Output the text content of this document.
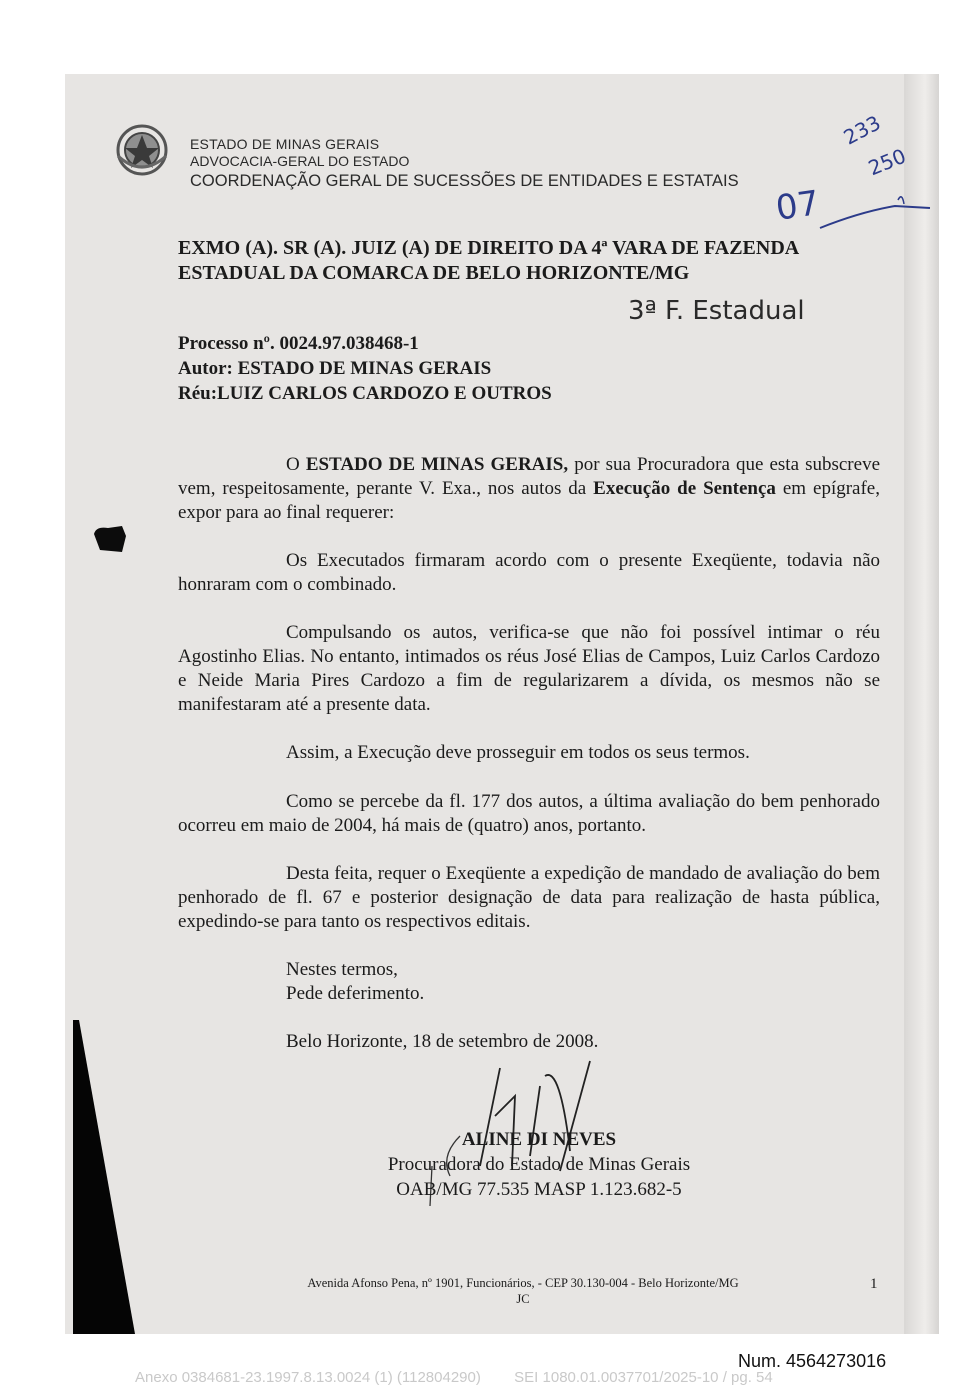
ESTADO DE MINAS GERAIS
ADVOCACIA-GERAL DO ESTADO
COORDENAÇÃO GERAL DE SUCESSÕES DE ENTIDADES E ESTATAIS
233
250
07
3ª F. Estadual
EXMO (A). SR (A). JUIZ (A) DE DIREITO DA 4ª VARA DE FAZENDA
ESTADUAL DA COMARCA DE BELO HORIZONTE/MG
Processo nº. 0024.97.038468-1
Autor: ESTADO DE MINAS GERAIS
Réu:LUIZ CARLOS CARDOZO E OUTROS
O ESTADO DE MINAS GERAIS, por sua Procuradora que esta subscreve vem, respeitosamente, perante V. Exa., nos autos da Execução de Sentença em epígrafe, expor para ao final requerer:
Os Executados firmaram acordo com o presente Exeqüente, todavia não honraram com o combinado.
Compulsando os autos, verifica-se que não foi possível intimar o réu Agostinho Elias. No entanto, intimados os réus José Elias de Campos, Luiz Carlos Cardozo e Neide Maria Pires Cardozo a fim de regularizarem a dívida, os mesmos não se manifestaram até a presente data.
Assim, a Execução deve prosseguir em todos os seus termos.
Como se percebe da fl. 177 dos autos, a última avaliação do bem penhorado ocorreu em maio de 2004, há mais de (quatro) anos, portanto.
Desta feita, requer o Exeqüente a expedição de mandado de avaliação do bem penhorado de fl. 67 e posterior designação de data para realização de hasta pública, expedindo-se para tanto os respectivos editais.
Nestes termos,
Pede deferimento.
Belo Horizonte, 18 de setembro de 2008.
ALINE DI NEVES
Procuradora do Estado de Minas Gerais
OAB/MG 77.535 MASP 1.123.682-5
Avenida Afonso Pena, nº 1901, Funcionários, - CEP 30.130-004 - Belo Horizonte/MG
JC
1
Num. 4564273016
Anexo 0384681-23.1997.8.13.0024 (1) (112804290)        SEI 1080.01.0037701/2025-10 / pg. 54
